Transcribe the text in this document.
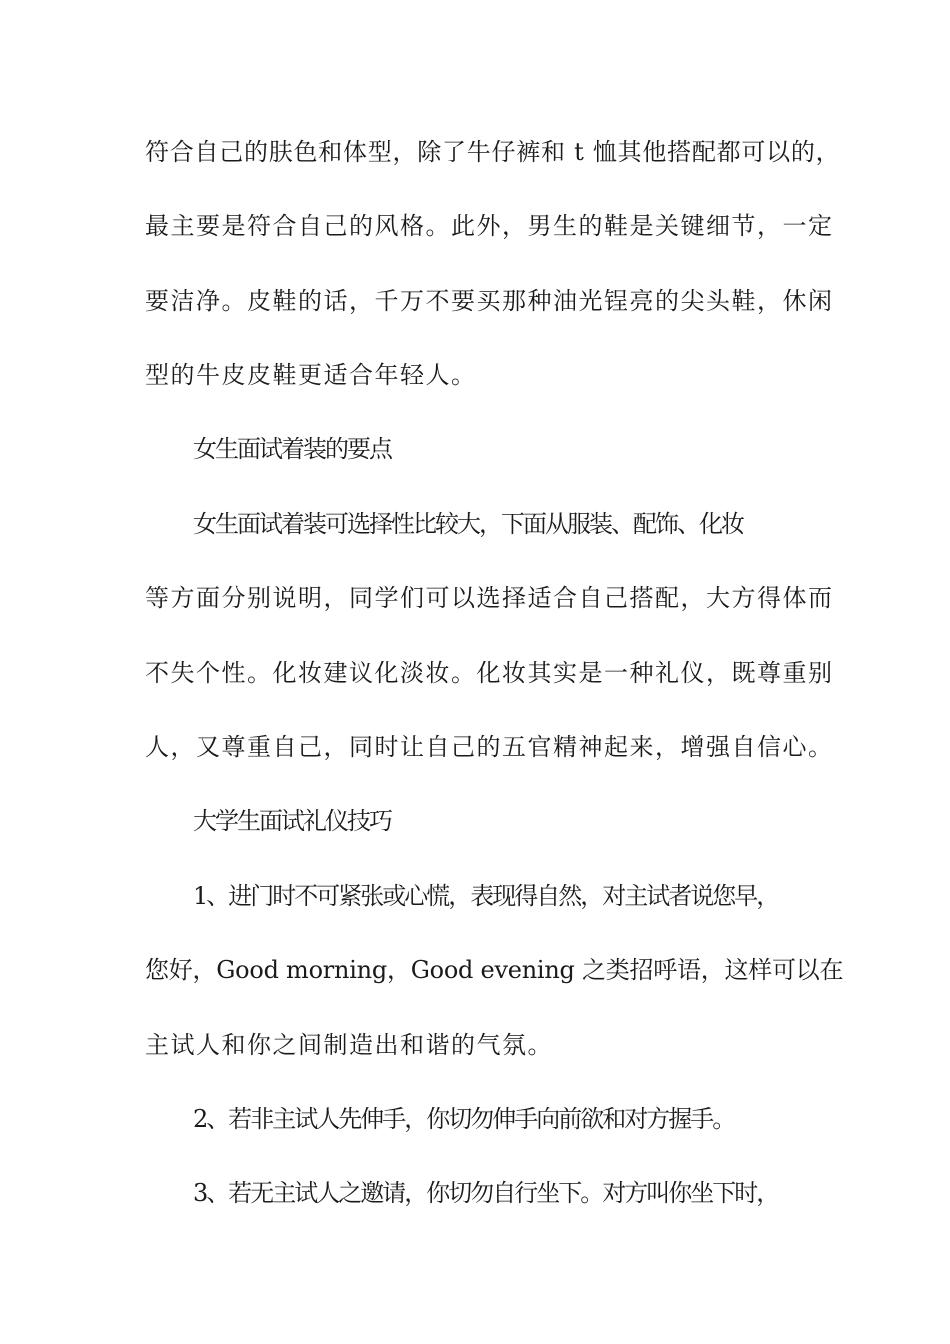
符合自己的肤色和体型，除了牛仔裤和 t 恤其他搭配都可以的，
最主要是符合自己的风格。此外，男生的鞋是关键细节，一定
要洁净。皮鞋的话，千万不要买那种油光锃亮的尖头鞋，休闲
型的牛皮皮鞋更适合年轻人。
女生面试着装的要点
女生面试着装可选择性比较大，下面从服装、配饰、化妆
等方面分别说明，同学们可以选择适合自己搭配，大方得体而
不失个性。化妆建议化淡妆。化妆其实是一种礼仪，既尊重别
人，又尊重自己，同时让自己的五官精神起来，增强自信心。
大学生面试礼仪技巧
1、进门时不可紧张或心慌，表现得自然，对主试者说您早，
您好，Good morning，Good evening 之类招呼语，这样可以在
主试人和你之间制造出和谐的气氛。
2、若非主试人先伸手，你切勿伸手向前欲和对方握手。
3、若无主试人之邀请，你切勿自行坐下。对方叫你坐下时，
